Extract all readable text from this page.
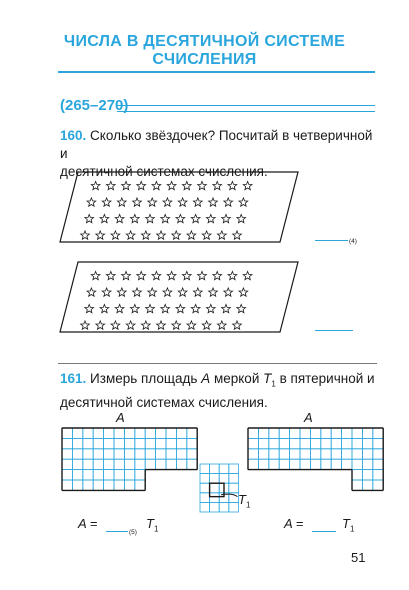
ЧИСЛА В ДЕСЯТИЧНОЙ СИСТЕМЕ
СЧИСЛЕНИЯ
(265–270)
160. Сколько звёздочек? Посчитай в четверичной и
десятичной системах счисления.
(4)
161. Измерь площадь A меркой $T_1$ в пятеричной и
десятичной системах счисления.
A	A
$T_1$
A =
(5)
$T_1$	A =	$T_1$
51
